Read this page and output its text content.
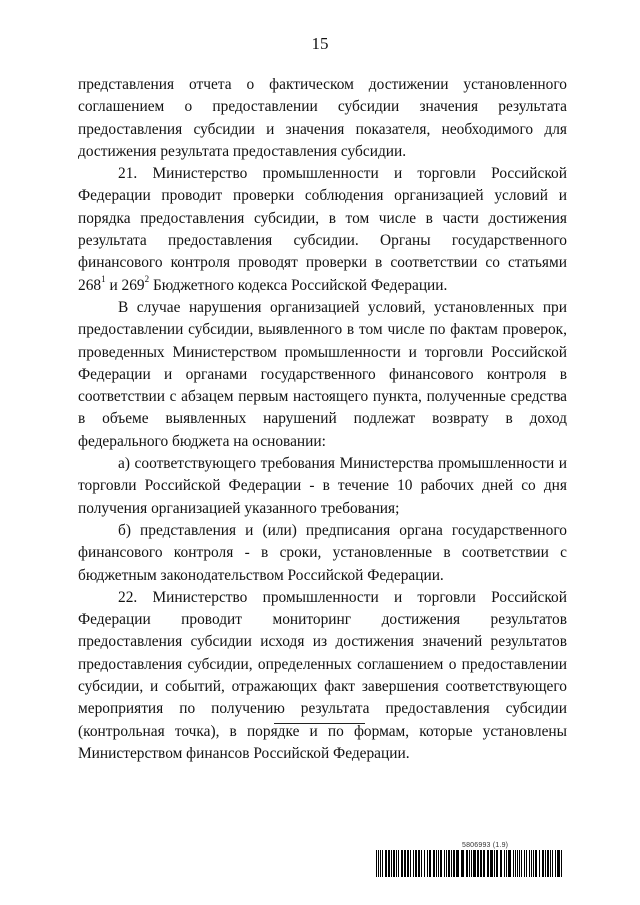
15

представления отчета о фактическом достижении установленного соглашением о предоставлении субсидии значения результата предоставления субсидии и значения показателя, необходимого для достижения результата предоставления субсидии.

21. Министерство промышленности и торговли Российской Федерации проводит проверки соблюдения организацией условий и порядка предоставления субсидии, в том числе в части достижения результата предоставления субсидии. Органы государственного финансового контроля проводят проверки в соответствии со статьями $268^1$ и $269^2$ Бюджетного кодекса Российской Федерации.

В случае нарушения организацией условий, установленных при предоставлении субсидии, выявленного в том числе по фактам проверок, проведенных Министерством промышленности и торговли Российской Федерации и органами государственного финансового контроля в соответствии с абзацем первым настоящего пункта, полученные средства в объеме выявленных нарушений подлежат возврату в доход федерального бюджета на основании:

а) соответствующего требования Министерства промышленности и торговли Российской Федерации - в течение 10 рабочих дней со дня получения организацией указанного требования;

б) представления и (или) предписания органа государственного финансового контроля - в сроки, установленные в соответствии с бюджетным законодательством Российской Федерации.

22. Министерство промышленности и торговли Российской Федерации проводит мониторинг достижения результатов предоставления субсидии исходя из достижения значений результатов предоставления субсидии, определенных соглашением о предоставлении субсидии, и событий, отражающих факт завершения соответствующего мероприятия по получению результата предоставления субсидии (контрольная точка), в порядке и по формам, которые установлены Министерством финансов Российской Федерации.

5806993 (1.9)
